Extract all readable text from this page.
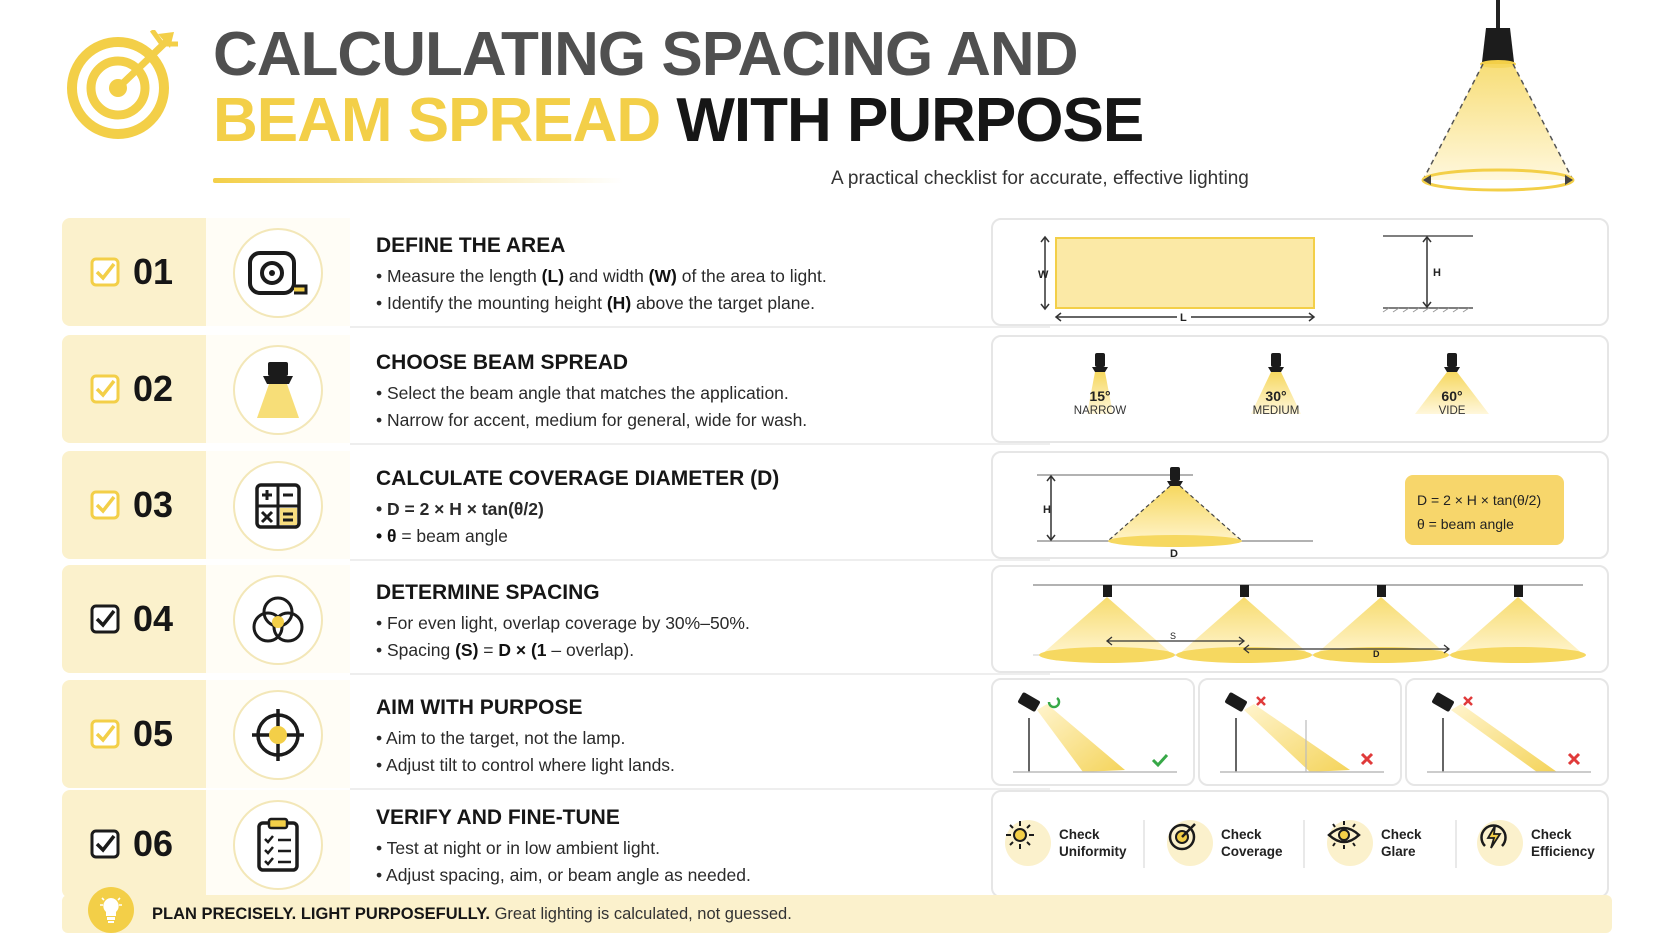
CALCULATING SPACING AND
BEAM SPREAD WITH PURPOSE
A practical checklist for accurate, effective lighting
01
DEFINE THE AREA
• Measure the length (L) and width (W) of the area to light.
• Identify the mounting height (H) above the target plane.
W
L
H
02
CHOOSE BEAM SPREAD
• Select the beam angle that matches the application.
• Narrow for accent, medium for general, wide for wash.
15°
NARROW
30°
MEDIUM
60°
VIDE
03
CALCULATE COVERAGE DIAMETER (D)
• D = 2 × H × tan(θ/2)
• θ = beam angle
H
D
D = 2 × H × tan(θ/2)
θ = beam angle
04
DETERMINE SPACING
• For even light, overlap coverage by 30%–50%.
• Spacing (S) = D × (1 – overlap).
S
D
05
AIM WITH PURPOSE
• Aim to the target, not the lamp.
• Adjust tilt to control where light lands.
06
VERIFY AND FINE-TUNE
• Test at night or in low ambient light.
• Adjust spacing, aim, or beam angle as needed.
Check
Uniformity
Check
Coverage
Check
Glare
Check
Efficiency
PLAN PRECISELY. LIGHT PURPOSEFULLY. Great lighting is calculated, not guessed.
